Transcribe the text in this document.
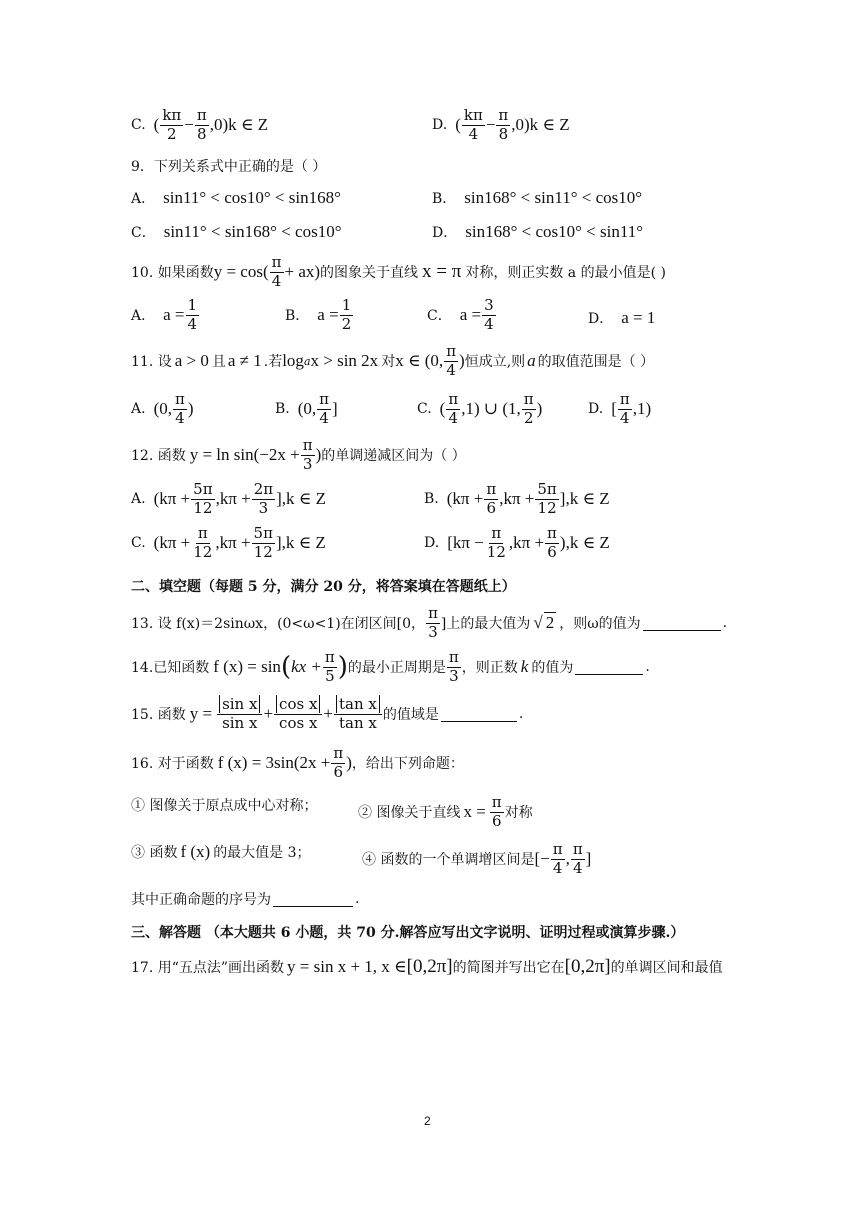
C. ( $\frac{k\pi}{2} - \frac{\pi}{8} ,0)k$ ∈ Z	D. ( $\frac{k\pi}{4} - \frac{\pi}{8} ,0)k$ ∈ Z
9．下列关系式中正确的是（ ）
A． sin11° < cos10° < sin168°	B． sin168° < sin11° < cos10°
C． sin11° < sin168° < cos10°	D． sin168° < cos10° < sin11°
10. 如果函数 $y = \cos( \frac{\pi}{4} + ax)$ 的图象关于直线 x = π 对称，则正实数 a 的最小值是( )
A． $a = \frac{1}{4}$	B． $a = \frac{1}{2}$	C． $a = \frac{3}{4}$	D． a = 1
11. 设 a > 0 且 a ≠ 1 .若 log a x > sin 2x 对 x ∈ (0, $\frac{\pi}{4}$ ) 恒成立,则 a 的取值范围是（ ）
A. (0, $\frac{\pi}{4}$ )	B. (0, $\frac{\pi}{4}$ ]	C. ( $\frac{\pi}{4} ,1$) ∪ (1, $\frac{\pi}{2}$ )	D. [ $\frac{\pi}{4} ,1$)
12. 函数 $y = \ln \sin(-2x + \frac{\pi}{3}$ ) 的单调递减区间为（ ）
A. $(k\pi + \frac{5\pi}{12} ,k\pi + \frac{2\pi}{3} ],k$ ∈ Z	B. $(k\pi + \frac{\pi}{6} ,k\pi + \frac{5\pi}{12} ],k$ ∈ Z
C. $(k\pi + \frac{\pi}{12} ,k\pi + \frac{5\pi}{12} ],k$ ∈ Z	D. $[k\pi - \frac{\pi}{12} ,k\pi + \frac{\pi}{6} ),k$ ∈ Z
二、填空题（每题 5 分，满分 20 分，将答案填在答题纸上）
13. 设 f(x)＝2sinωx，(0<ω<1)在闭区间[0， $\frac{\pi}{3}$ ]上的最大值为 √ 2 ，则ω的值为	.
14.已知函数 f (x) = sin ( kx + $\frac{\pi}{5}$ ) 的最小正周期是 $\frac{\pi}{3}$ ，则正数 k 的值为	.
15. 函数 $y = \frac{\text{sin x}}{\text{sin x}} + \frac{\text{cos x}}{\text{cos x}} + \frac{\text{tan x}}{\text{tan x}}$ 的值域是	.
16. 对于函数 f $(x) = 3\sin(2x + \frac{\pi}{6}$ ) ，给出下列命题：
① 图像关于原点成中心对称；	② 图像关于直线 $x = \frac{\pi}{6}$ 对称
③ 函数 f (x) 的最大值是 3；	④ 函数的一个单调增区间是 [− $\frac{\pi}{4}$ , $\frac{\pi}{4}$ ]
其中正确命题的序号为	.
三、解答题 （本大题共 6 小题，共 70 分.解答应写出文字说明、证明过程或演算步骤.）
17. 用“五点法”画出函数 y = sin x + 1, x ∈ [0,2π] 的简图并写出它在 [0,2π] 的单调区间和最值
2
